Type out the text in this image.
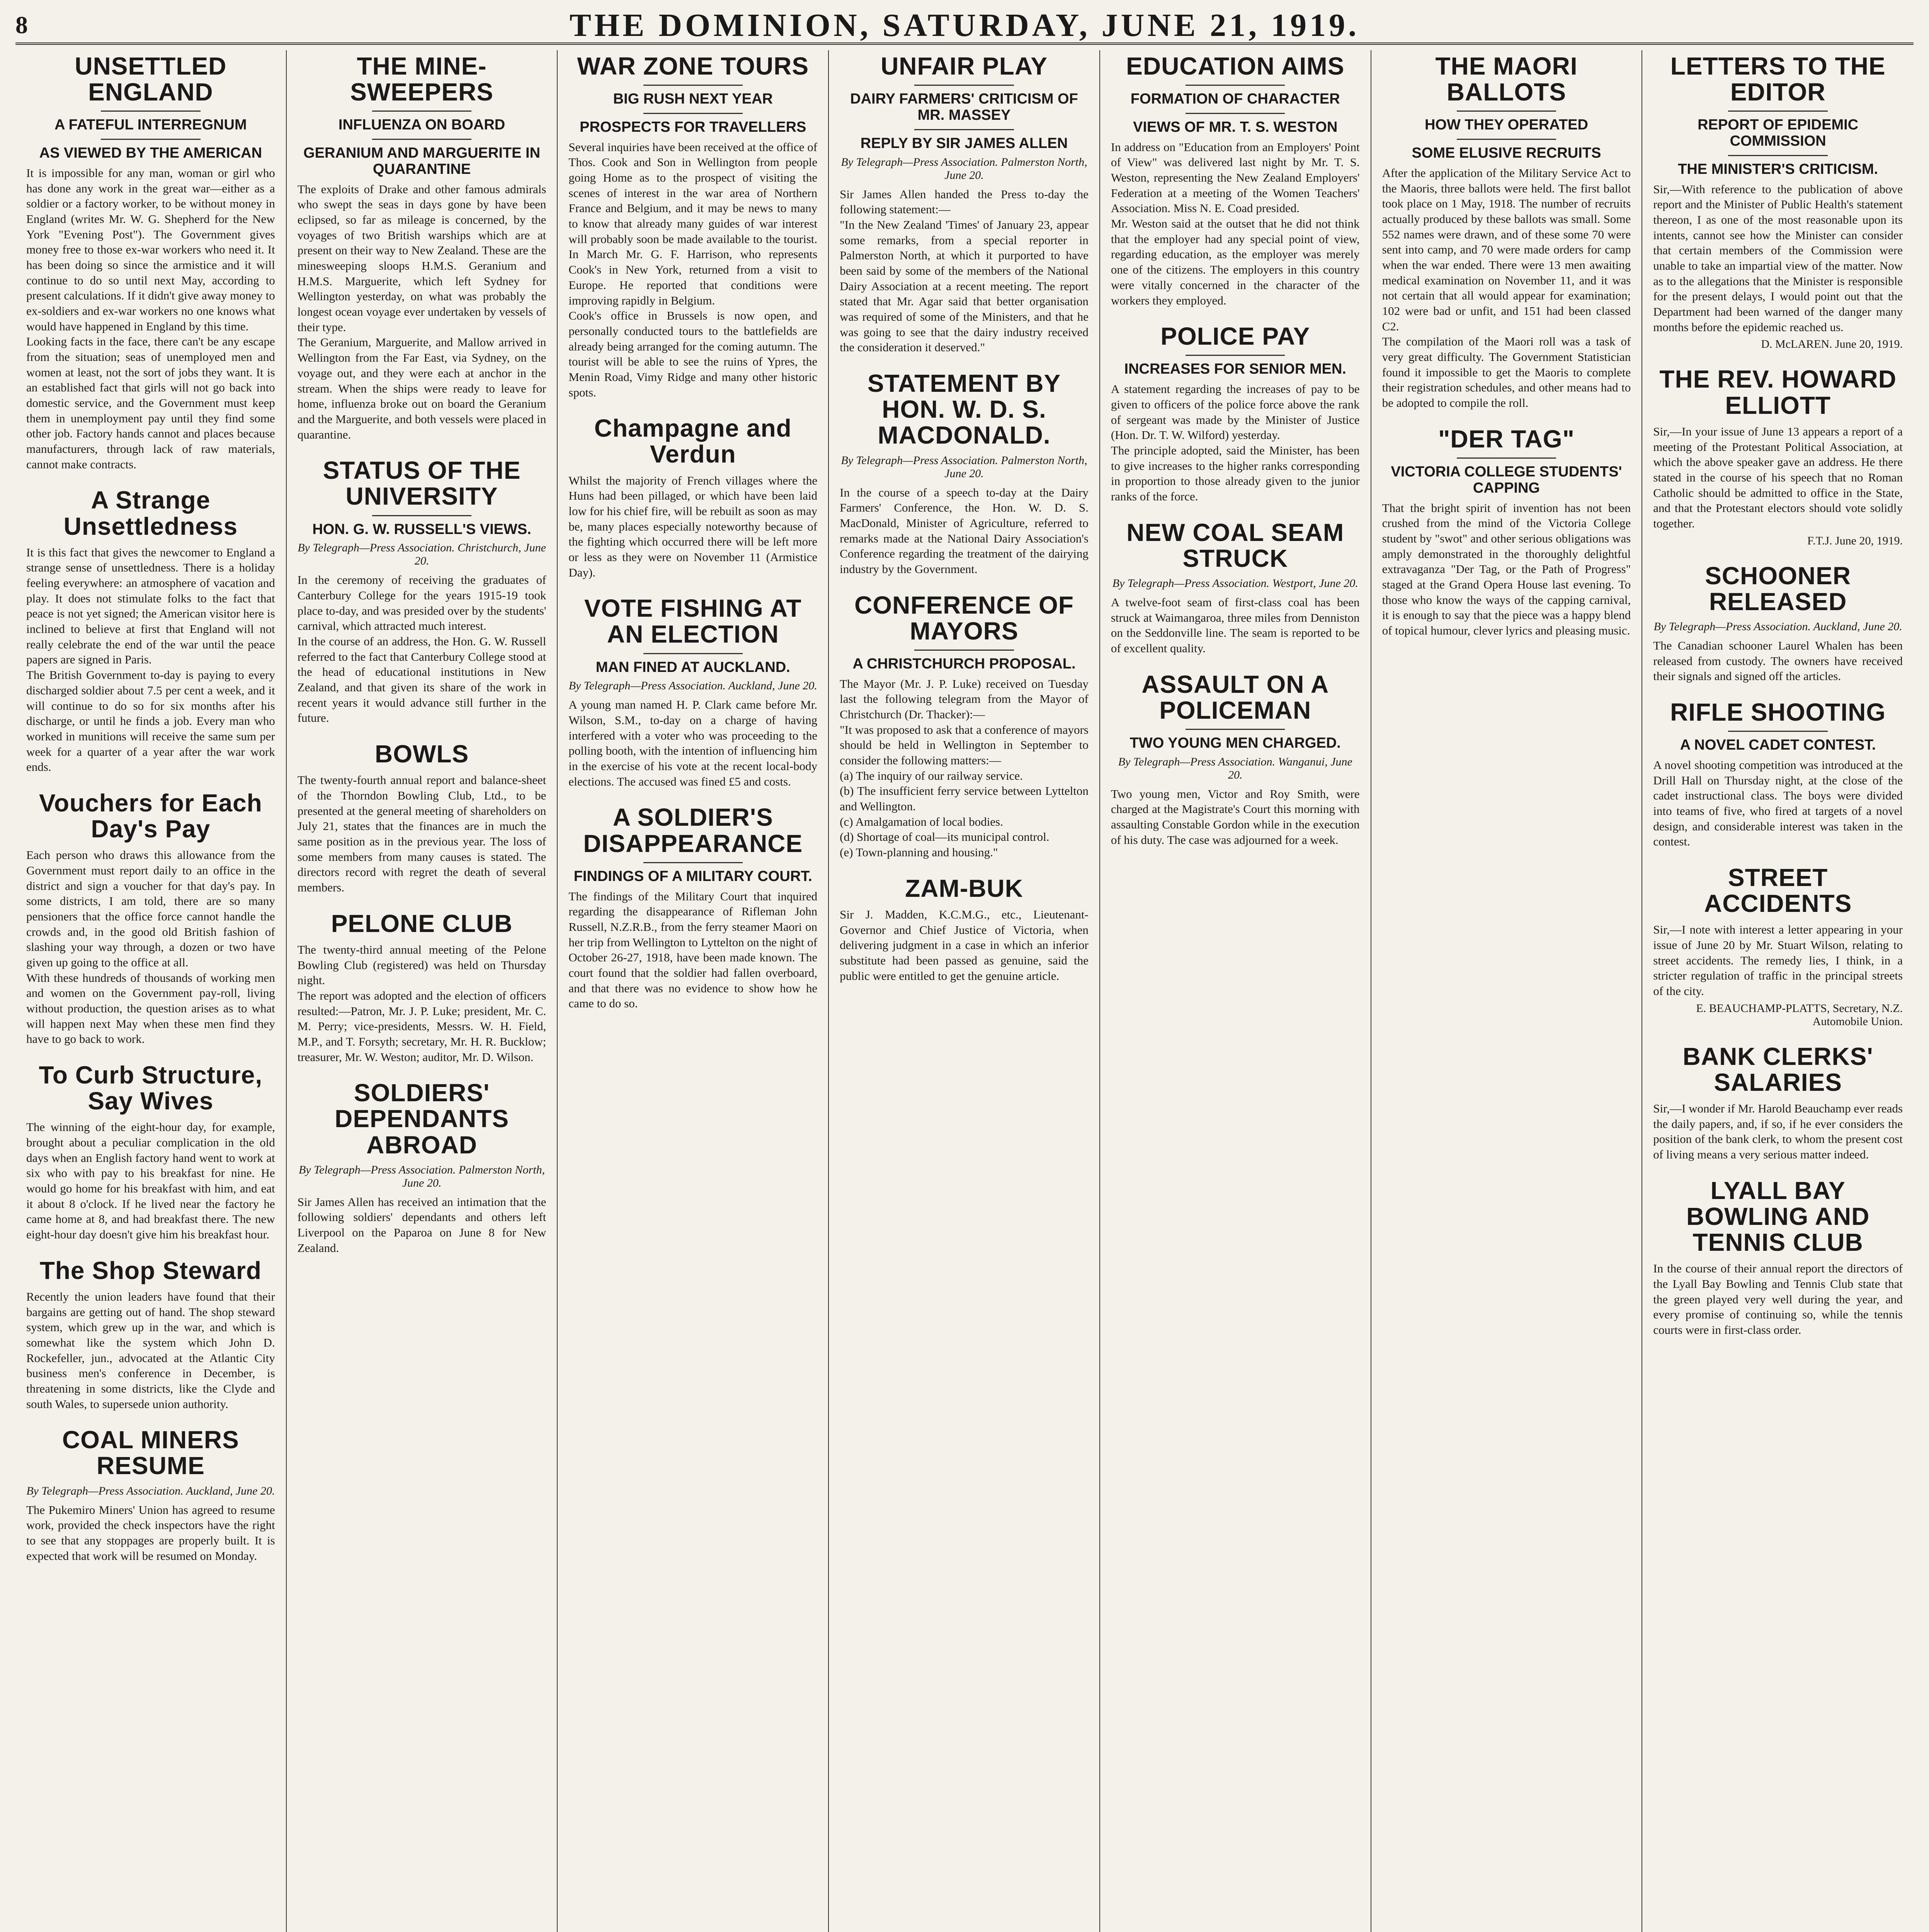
8	THE DOMINION, SATURDAY, JUNE 21, 1919.
UNSETTLED ENGLAND
A FATEFUL INTERREGNUM
AS VIEWED BY THE AMERICAN
It is impossible for any man, woman or girl who has done any work in the great war—either as a soldier or a factory worker, to be without money in England (writes Mr. W. G. Shepherd for the New York "Evening Post"). The Government gives money free to those ex-war workers who need it. It has been doing so since the armistice and it will continue to do so until next May, according to present calculations. If it didn't give away money to ex-soldiers and ex-war workers no one knows what would have happened in England by this time.
Looking facts in the face, there can't be any escape from the situation; seas of unemployed men and women at least, not the sort of jobs they want. It is an established fact that girls will not go back into domestic service, and the Government must keep them in unemployment pay until they find some other job. Factory hands cannot and places because manufacturers, through lack of raw materials, cannot make contracts.
A Strange Unsettledness
It is this fact that gives the newcomer to England a strange sense of unsettledness. There is a holiday feeling everywhere: an atmosphere of vacation and play. It does not stimulate folks to the fact that peace is not yet signed; the American visitor here is inclined to believe at first that England will not really celebrate the end of the war until the peace papers are signed in Paris.
The British Government to-day is paying to every discharged soldier about 7.5 per cent a week, and it will continue to do so for six months after his discharge, or until he finds a job. Every man who worked in munitions will receive the same sum per week for a quarter of a year after the war work ends.
Vouchers for Each Day's Pay
Each person who draws this allowance from the Government must report daily to an office in the district and sign a voucher for that day's pay. In some districts, I am told, there are so many pensioners that the office force cannot handle the crowds and, in the good old British fashion of slashing your way through, a dozen or two have given up going to the office at all.
With these hundreds of thousands of working men and women on the Government pay-roll, living without production, the question arises as to what will happen next May when these men find they have to go back to work.
To Curb Structure, Say Wives
The winning of the eight-hour day, for example, brought about a peculiar complication in the old days when an English factory hand went to work at six who with pay to his breakfast for nine. He would go home for his breakfast with him, and eat it about 8 o'clock. If he lived near the factory he came home at 8, and had breakfast there. The new eight-hour day doesn't give him his breakfast hour.
The Shop Steward
Recently the union leaders have found that their bargains are getting out of hand. The shop steward system, which grew up in the war, and which is somewhat like the system which John D. Rockefeller, jun., advocated at the Atlantic City business men's conference in December, is threatening in some districts, like the Clyde and south Wales, to supersede union authority.
COAL MINERS RESUME
By Telegraph—Press Association. Auckland, June 20.
The Pukemiro Miners' Union has agreed to resume work, provided the check inspectors have the right to see that any stoppages are properly built. It is expected that work will be resumed on Monday.
THE MINE-SWEEPERS
INFLUENZA ON BOARD
GERANIUM AND MARGUERITE IN QUARANTINE
The exploits of Drake and other famous admirals who swept the seas in days gone by have been eclipsed, so far as mileage is concerned, by the voyages of two British warships which are at present on their way to New Zealand. These are the minesweeping sloops H.M.S. Geranium and H.M.S. Marguerite, which left Sydney for Wellington yesterday, on what was probably the longest ocean voyage ever undertaken by vessels of their type.
The Geranium, Marguerite, and Mallow arrived in Wellington from the Far East, via Sydney, on the voyage out, and they were each at anchor in the stream. When the ships were ready to leave for home, influenza broke out on board the Geranium and the Marguerite, and both vessels were placed in quarantine.
STATUS OF THE UNIVERSITY
HON. G. W. RUSSELL'S VIEWS.
By Telegraph—Press Association. Christchurch, June 20.
In the ceremony of receiving the graduates of Canterbury College for the years 1915-19 took place to-day, and was presided over by the students' carnival, which attracted much interest.
In the course of an address, the Hon. G. W. Russell referred to the fact that Canterbury College stood at the head of educational institutions in New Zealand, and that given its share of the work in recent years it would advance still further in the future.
BOWLS
The twenty-fourth annual report and balance-sheet of the Thorndon Bowling Club, Ltd., to be presented at the general meeting of shareholders on July 21, states that the finances are in much the same position as in the previous year. The loss of some members from many causes is stated. The directors record with regret the death of several members.
PELONE CLUB
The twenty-third annual meeting of the Pelone Bowling Club (registered) was held on Thursday night.
The report was adopted and the election of officers resulted:—Patron, Mr. J. P. Luke; president, Mr. C. M. Perry; vice-presidents, Messrs. W. H. Field, M.P., and T. Forsyth; secretary, Mr. H. R. Bucklow; treasurer, Mr. W. Weston; auditor, Mr. D. Wilson.
SOLDIERS' DEPENDANTS ABROAD
By Telegraph—Press Association. Palmerston North, June 20.
Sir James Allen has received an intimation that the following soldiers' dependants and others left Liverpool on the Paparoa on June 8 for New Zealand.
WAR ZONE TOURS
BIG RUSH NEXT YEAR
PROSPECTS FOR TRAVELLERS
Several inquiries have been received at the office of Thos. Cook and Son in Wellington from people going Home as to the prospect of visiting the scenes of interest in the war area of Northern France and Belgium, and it may be news to many to know that already many guides of war interest will probably soon be made available to the tourist. In March Mr. G. F. Harrison, who represents Cook's in New York, returned from a visit to Europe. He reported that conditions were improving rapidly in Belgium.
Cook's office in Brussels is now open, and personally conducted tours to the battlefields are already being arranged for the coming autumn. The tourist will be able to see the ruins of Ypres, the Menin Road, Vimy Ridge and many other historic spots.
Champagne and Verdun
Whilst the majority of French villages where the Huns had been pillaged, or which have been laid low for his chief fire, will be rebuilt as soon as may be, many places especially noteworthy because of the fighting which occurred there will be left more or less as they were on November 11 (Armistice Day).
VOTE FISHING AT AN ELECTION
MAN FINED AT AUCKLAND.
By Telegraph—Press Association. Auckland, June 20.
A young man named H. P. Clark came before Mr. Wilson, S.M., to-day on a charge of having interfered with a voter who was proceeding to the polling booth, with the intention of influencing him in the exercise of his vote at the recent local-body elections. The accused was fined £5 and costs.
A SOLDIER'S DISAPPEARANCE
FINDINGS OF A MILITARY COURT.
The findings of the Military Court that inquired regarding the disappearance of Rifleman John Russell, N.Z.R.B., from the ferry steamer Maori on her trip from Wellington to Lyttelton on the night of October 26-27, 1918, have been made known. The court found that the soldier had fallen overboard, and that there was no evidence to show how he came to do so.
UNFAIR PLAY
DAIRY FARMERS' CRITICISM OF MR. MASSEY
REPLY BY SIR JAMES ALLEN
By Telegraph—Press Association. Palmerston North, June 20.
Sir James Allen handed the Press to-day the following statement:—
"In the New Zealand 'Times' of January 23, appear some remarks, from a special reporter in Palmerston North, at which it purported to have been said by some of the members of the National Dairy Association at a recent meeting. The report stated that Mr. Agar said that better organisation was required of some of the Ministers, and that he was going to see that the dairy industry received the consideration it deserved."
STATEMENT BY HON. W. D. S. MACDONALD.
By Telegraph—Press Association. Palmerston North, June 20.
In the course of a speech to-day at the Dairy Farmers' Conference, the Hon. W. D. S. MacDonald, Minister of Agriculture, referred to remarks made at the National Dairy Association's Conference regarding the treatment of the dairying industry by the Government.
CONFERENCE OF MAYORS
A CHRISTCHURCH PROPOSAL.
The Mayor (Mr. J. P. Luke) received on Tuesday last the following telegram from the Mayor of Christchurch (Dr. Thacker):—
"It was proposed to ask that a conference of mayors should be held in Wellington in September to consider the following matters:—
(a) The inquiry of our railway service.
(b) The insufficient ferry service between Lyttelton and Wellington.
(c) Amalgamation of local bodies.
(d) Shortage of coal—its municipal control.
(e) Town-planning and housing."
ZAM-BUK
Sir J. Madden, K.C.M.G., etc., Lieutenant-Governor and Chief Justice of Victoria, when delivering judgment in a case in which an inferior substitute had been passed as genuine, said the public were entitled to get the genuine article.
EDUCATION AIMS
FORMATION OF CHARACTER
VIEWS OF MR. T. S. WESTON
In address on "Education from an Employers' Point of View" was delivered last night by Mr. T. S. Weston, representing the New Zealand Employers' Federation at a meeting of the Women Teachers' Association. Miss N. E. Coad presided.
Mr. Weston said at the outset that he did not think that the employer had any special point of view, regarding education, as the employer was merely one of the citizens. The employers in this country were vitally concerned in the character of the workers they employed.
POLICE PAY
INCREASES FOR SENIOR MEN.
A statement regarding the increases of pay to be given to officers of the police force above the rank of sergeant was made by the Minister of Justice (Hon. Dr. T. W. Wilford) yesterday.
The principle adopted, said the Minister, has been to give increases to the higher ranks corresponding in proportion to those already given to the junior ranks of the force.
NEW COAL SEAM STRUCK
By Telegraph—Press Association. Westport, June 20.
A twelve-foot seam of first-class coal has been struck at Waimangaroa, three miles from Denniston on the Seddonville line. The seam is reported to be of excellent quality.
ASSAULT ON A POLICEMAN
TWO YOUNG MEN CHARGED.
By Telegraph—Press Association. Wanganui, June 20.
Two young men, Victor and Roy Smith, were charged at the Magistrate's Court this morning with assaulting Constable Gordon while in the execution of his duty. The case was adjourned for a week.
THE MAORI BALLOTS
HOW THEY OPERATED
SOME ELUSIVE RECRUITS
After the application of the Military Service Act to the Maoris, three ballots were held. The first ballot took place on 1 May, 1918. The number of recruits actually produced by these ballots was small. Some 552 names were drawn, and of these some 70 were sent into camp, and 70 were made orders for camp when the war ended. There were 13 men awaiting medical examination on November 11, and it was not certain that all would appear for examination; 102 were bad or unfit, and 151 had been classed C2.
The compilation of the Maori roll was a task of very great difficulty. The Government Statistician found it impossible to get the Maoris to complete their registration schedules, and other means had to be adopted to compile the roll.
"DER TAG"
VICTORIA COLLEGE STUDENTS' CAPPING
That the bright spirit of invention has not been crushed from the mind of the Victoria College student by "swot" and other serious obligations was amply demonstrated in the thoroughly delightful extravaganza "Der Tag, or the Path of Progress" staged at the Grand Opera House last evening. To those who know the ways of the capping carnival, it is enough to say that the piece was a happy blend of topical humour, clever lyrics and pleasing music.
LETTERS TO THE EDITOR
REPORT OF EPIDEMIC COMMISSION
THE MINISTER'S CRITICISM.
Sir,—With reference to the publication of above report and the Minister of Public Health's statement thereon, I as one of the most reasonable upon its intents, cannot see how the Minister can consider that certain members of the Commission were unable to take an impartial view of the matter. Now as to the allegations that the Minister is responsible for the present delays, I would point out that the Department had been warned of the danger many months before the epidemic reached us.
D. McLAREN. June 20, 1919.
THE REV. HOWARD ELLIOTT
Sir,—In your issue of June 13 appears a report of a meeting of the Protestant Political Association, at which the above speaker gave an address. He there stated in the course of his speech that no Roman Catholic should be admitted to office in the State, and that the Protestant electors should vote solidly together.
F.T.J. June 20, 1919.
SCHOONER RELEASED
By Telegraph—Press Association. Auckland, June 20.
The Canadian schooner Laurel Whalen has been released from custody. The owners have received their signals and signed off the articles.
RIFLE SHOOTING
A NOVEL CADET CONTEST.
A novel shooting competition was introduced at the Drill Hall on Thursday night, at the close of the cadet instructional class. The boys were divided into teams of five, who fired at targets of a novel design, and considerable interest was taken in the contest.
STREET ACCIDENTS
Sir,—I note with interest a letter appearing in your issue of June 20 by Mr. Stuart Wilson, relating to street accidents. The remedy lies, I think, in a stricter regulation of traffic in the principal streets of the city.
E. BEAUCHAMP-PLATTS, Secretary, N.Z. Automobile Union.
BANK CLERKS' SALARIES
Sir,—I wonder if Mr. Harold Beauchamp ever reads the daily papers, and, if so, if he ever considers the position of the bank clerk, to whom the present cost of living means a very serious matter indeed.
LYALL BAY BOWLING AND TENNIS CLUB
In the course of their annual report the directors of the Lyall Bay Bowling and Tennis Club state that the green played very well during the year, and every promise of continuing so, while the tennis courts were in first-class order.
